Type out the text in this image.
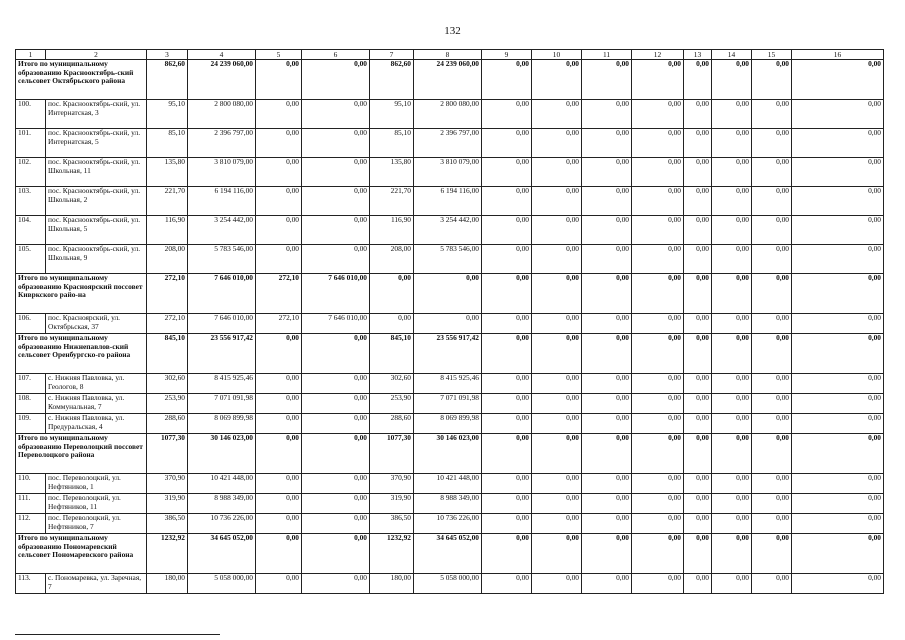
132
1	2	3	4	5	6	7	8	9	10	11	12	13	14	15	16
Итого по муниципальному образованию Красноoктябрь-ский сельсовет Октябрьского района		862,60	24 239 060,00	0,00	0,00	862,60	24 239 060,00	0,00	0,00	0,00	0,00	0,00	0,00	0,00	0,00
100.	пос. Краснооктябрь-ский, ул. Интернатская, 3	95,10	2 800 080,00	0,00	0,00	95,10	2 800 080,00	0,00	0,00	0,00	0,00	0,00	0,00	0,00	0,00
101.	пос. Краснооктябрь-ский, ул. Интернатская, 5	85,10	2 396 797,00	0,00	0,00	85,10	2 396 797,00	0,00	0,00	0,00	0,00	0,00	0,00	0,00	0,00
102.	пос. Краснооктябрь-ский, ул. Школьная, 11	135,80	3 810 079,00	0,00	0,00	135,80	3 810 079,00	0,00	0,00	0,00	0,00	0,00	0,00	0,00	0,00
103.	пос. Краснооктябрь-ский, ул. Школьная, 2	221,70	6 194 116,00	0,00	0,00	221,70	6 194 116,00	0,00	0,00	0,00	0,00	0,00	0,00	0,00	0,00
104.	пос. Краснооктябрь-ский, ул. Школьная, 5	116,90	3 254 442,00	0,00	0,00	116,90	3 254 442,00	0,00	0,00	0,00	0,00	0,00	0,00	0,00	0,00
105.	пос. Краснооктябрь-ский, ул. Школьная, 9	208,00	5 783 546,00	0,00	0,00	208,00	5 783 546,00	0,00	0,00	0,00	0,00	0,00	0,00	0,00	0,00
Итого по муниципальному образованию Красноярский поссовет Кивркского райо-на		272,10	7 646 010,00	272,10	7 646 010,00	0,00	0,00	0,00	0,00	0,00	0,00	0,00	0,00	0,00	0,00
106.	пос. Красноярский, ул. Октябрьская, 37	272,10	7 646 010,00	272,10	7 646 010,00	0,00	0,00	0,00	0,00	0,00	0,00	0,00	0,00	0,00	0,00
Итого по муниципальному образованию Нижнепавлов-ский сельсовет Оренбургско-го района		845,10	23 556 917,42	0,00	0,00	845,10	23 556 917,42	0,00	0,00	0,00	0,00	0,00	0,00	0,00	0,00
107.	с. Нижняя Павловка, ул. Геологов, 8	302,60	8 415 925,46	0,00	0,00	302,60	8 415 925,46	0,00	0,00	0,00	0,00	0,00	0,00	0,00	0,00
108.	с. Нижняя Павловка, ул. Коммунальная, 7	253,90	7 071 091,98	0,00	0,00	253,90	7 071 091,98	0,00	0,00	0,00	0,00	0,00	0,00	0,00	0,00
109.	с. Нижняя Павловка, ул. Предуральская, 4	288,60	8 069 899,98	0,00	0,00	288,60	8 069 899,98	0,00	0,00	0,00	0,00	0,00	0,00	0,00	0,00
Итого по муниципальному образованию Переволоцкий поссовет Переволоцкого района		1077,30	30 146 023,00	0,00	0,00	1077,30	30 146 023,00	0,00	0,00	0,00	0,00	0,00	0,00	0,00	0,00
110.	пос. Переволоцкий, ул. Нефтяников, 1	370,90	10 421 448,00	0,00	0,00	370,90	10 421 448,00	0,00	0,00	0,00	0,00	0,00	0,00	0,00	0,00
111.	пос. Переволоцкий, ул. Нефтяников, 11	319,90	8 988 349,00	0,00	0,00	319,90	8 988 349,00	0,00	0,00	0,00	0,00	0,00	0,00	0,00	0,00
112.	пос. Переволоцкий, ул. Нефтяников, 7	386,50	10 736 226,00	0,00	0,00	386,50	10 736 226,00	0,00	0,00	0,00	0,00	0,00	0,00	0,00	0,00
Итого по муниципальному образованию Пономаревский сельсовет Пономаревского района		1232,92	34 645 052,00	0,00	0,00	1232,92	34 645 052,00	0,00	0,00	0,00	0,00	0,00	0,00	0,00	0,00
113.	с. Пономаревка, ул. Заречная, 7	180,00	5 058 000,00	0,00	0,00	180,00	5 058 000,00	0,00	0,00	0,00	0,00	0,00	0,00	0,00	0,00
